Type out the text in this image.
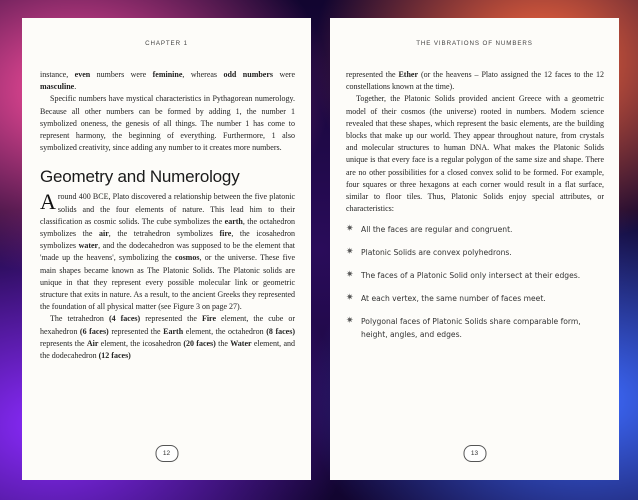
CHAPTER 1

instance, even numbers were feminine, whereas odd numbers were masculine.

Specific numbers have mystical characteristics in Pythagorean numerology. Because all other numbers can be formed by adding 1, the number 1 symbolized oneness, the genesis of all things. The number 1 has come to represent harmony, the beginning of everything. Furthermore, 1 also symbolized creativity, since adding any number to it creates more numbers.

Geometry and Numerology

Around 400 BCE, Plato discovered a relationship between the five platonic solids and the four elements of nature. This lead him to their classification as cosmic solids. The cube symbolizes the earth, the octahedron symbolizes the air, the tetrahedron symbolizes fire, the icosahedron symbolizes water, and the dodecahedron was supposed to be the element that 'made up the heavens', symbolizing the cosmos, or the universe. These five main shapes became known as The Platonic Solids. The Platonic solids are unique in that they represent every possible molecular link or geometric structure that exits in nature. As a result, to the ancient Greeks they represented the foundation of all physical matter (see Figure 3 on page 27).

The tetrahedron (4 faces) represented the Fire element, the cube or hexahedron (6 faces) represented the Earth element, the octahedron (8 faces) represents the Air element, the icosahedron (20 faces) the Water element, and the dodecahedron (12 faces)

12
THE VIBRATIONS OF NUMBERS

represented the Ether (or the heavens – Plato assigned the 12 faces to the 12 constellations known at the time).

Together, the Platonic Solids provided ancient Greece with a geometric model of their cosmos (the universe) rooted in numbers. Modern science revealed that these shapes, which represent the basic elements, are the building blocks that make up our world. They appear throughout nature, from crystals and molecular structures to human DNA. What makes the Platonic Solids unique is that every face is a regular polygon of the same size and shape. There are no other possibilities for a closed convex solid to be formed. For example, four squares or three hexagons at each corner would result in a flat surface, similar to floor tiles. Thus, Platonic Solids enjoy special attributes, or characteristics:

✷ All the faces are regular and congruent.
✷ Platonic Solids are convex polyhedrons.
✷ The faces of a Platonic Solid only intersect at their edges.
✷ At each vertex, the same number of faces meet.
✷ Polygonal faces of Platonic Solids share comparable form, height, angles, and edges.
13
